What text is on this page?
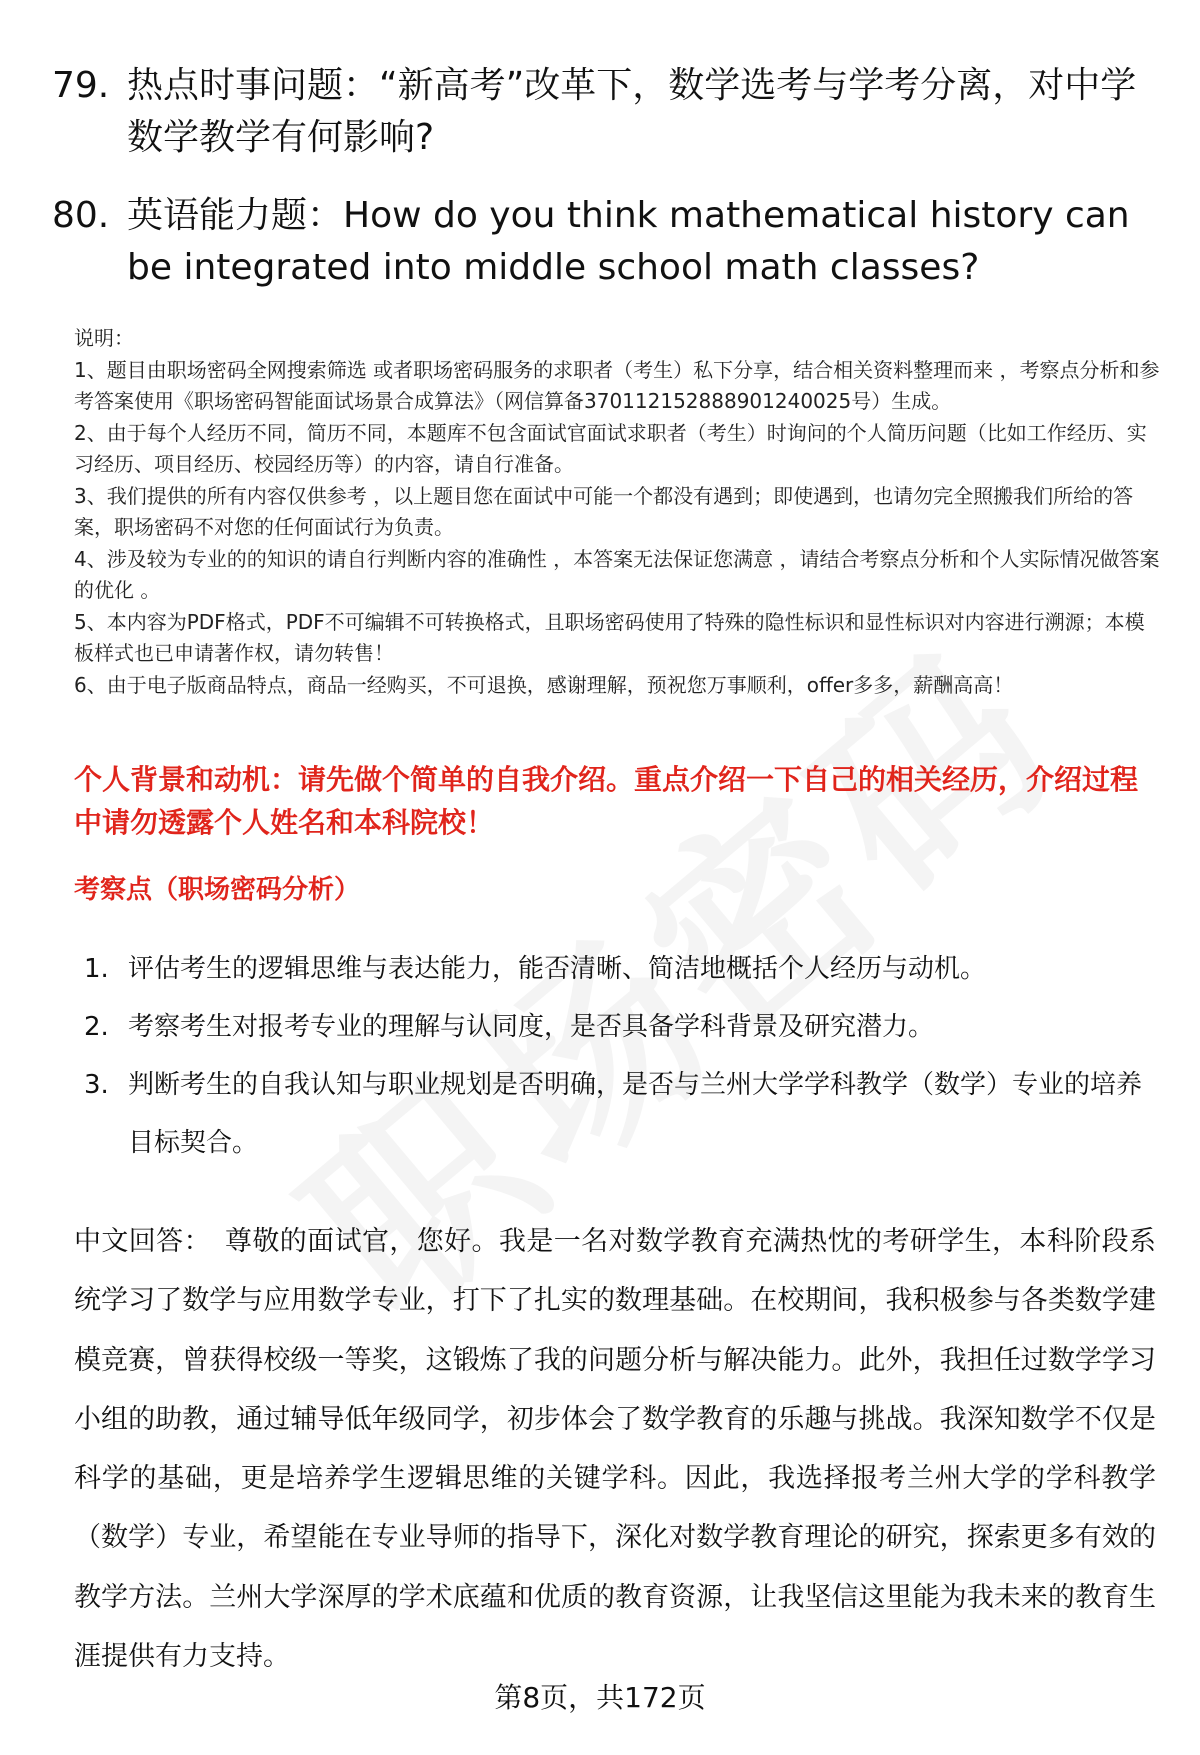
79. 热点时事问题：“新高考”改革下，数学选考与学考分离，对中学数学教学有何影响?
80. 英语能力题：How do you think mathematical history can be integrated into middle school math classes?

说明：

1、题目由职场密码全网搜索筛选 或者职场密码服务的求职者（考生）私下分享，结合相关资料整理而来 ，考察点分析和参考答案使用《职场密码智能面试场景合成算法》（网信算备370112152888901240025号）生成。

2、由于每个人经历不同，简历不同，本题库不包含面试官面试求职者（考生）时询问的个人简历问题（比如工作经历、实习经历、项目经历、校园经历等）的内容，请自行准备。

3、我们提供的所有内容仅供参考 ，以上题目您在面试中可能一个都没有遇到；即使遇到，也请勿完全照搬我们所给的答案，职场密码不对您的任何面试行为负责。

4、涉及较为专业的的知识的请自行判断内容的准确性 ，本答案无法保证您满意 ，请结合考察点分析和个人实际情况做答案的优化 。

5、本内容为PDF格式，PDF不可编辑不可转换格式，且职场密码使用了特殊的隐性标识和显性标识对内容进行溯源；本模板样式也已申请著作权，请勿转售！

6、由于电子版商品特点，商品一经购买，不可退换，感谢理解，预祝您万事顺利，offer多多，薪酬高高！

个人背景和动机：请先做个简单的自我介绍。重点介绍一下自己的相关经历，介绍过程中请勿透露个人姓名和本科院校！
考察点（职场密码分析）
1. 评估考生的逻辑思维与表达能力，能否清晰、简洁地概括个人经历与动机。
2. 考察考生对报考专业的理解与认同度，是否具备学科背景及研究潜力。
3. 判断考生的自我认知与职业规划是否明确，是否与兰州大学学科教学（数学）专业的培养目标契合。
中文回答： 尊敬的面试官，您好。我是一名对数学教育充满热忱的考研学生，本科阶段系统学习了数学与应用数学专业，打下了扎实的数理基础。在校期间，我积极参与各类数学建模竞赛，曾获得校级一等奖，这锻炼了我的问题分析与解决能力。此外，我担任过数学学习小组的助教，通过辅导低年级同学，初步体会了数学教育的乐趣与挑战。我深知数学不仅是科学的基础，更是培养学生逻辑思维的关键学科。因此，我选择报考兰州大学的学科教学（数学）专业，希望能在专业导师的指导下，深化对数学教育理论的研究，探索更多有效的教学方法。兰州大学深厚的学术底蕴和优质的教育资源，让我坚信这里能为我未来的教育生涯提供有力支持。
第8页，共172页
